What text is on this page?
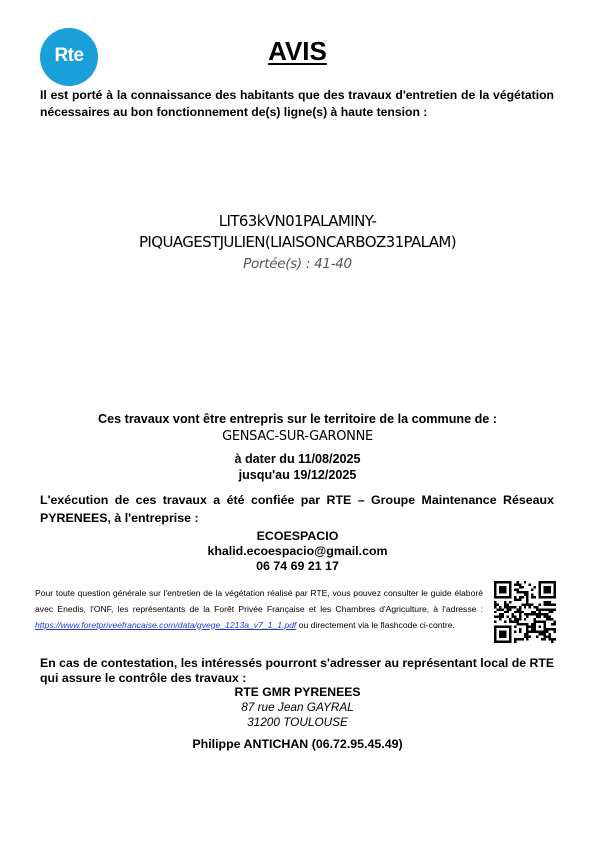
Rte	AVIS
Il est porté à la connaissance des habitants que des travaux d'entretien de la végétation nécessaires au bon fonctionnement de(s) ligne(s) à haute tension :
LIT63kVN01PALAMINY-
PIQUAGESTJULIEN(LIAISONCARBOZ31PALAM)
Portée(s) : 41-40
Ces travaux vont être entrepris sur le territoire de la commune de :
GENSAC-SUR-GARONNE
à dater du 11/08/2025
jusqu'au 19/12/2025
L'exécution de ces travaux a été confiée par RTE – Groupe Maintenance Réseaux PYRENEES, à l'entreprise :
ECOESPACIO
khalid.ecoespacio@gmail.com
06 74 69 21 17
Pour toute question générale sur l'entretien de la végétation réalisé par RTE, vous pouvez consulter le guide élaboré avec Enedis, l'ONF, les représentants de la Forêt Privée Française et les Chambres d'Agriculture, à l'adresse : https://www.foretpriveefrancaise.com/data/gvege_1213a_v7_1_1.pdf ou directement via le flashcode ci-contre.
En cas de contestation, les intéressés pourront s'adresser au représentant local de RTE qui assure le contrôle des travaux :
RTE GMR PYRENEES
87 rue Jean GAYRAL
31200 TOULOUSE
Philippe ANTICHAN (06.72.95.45.49)
